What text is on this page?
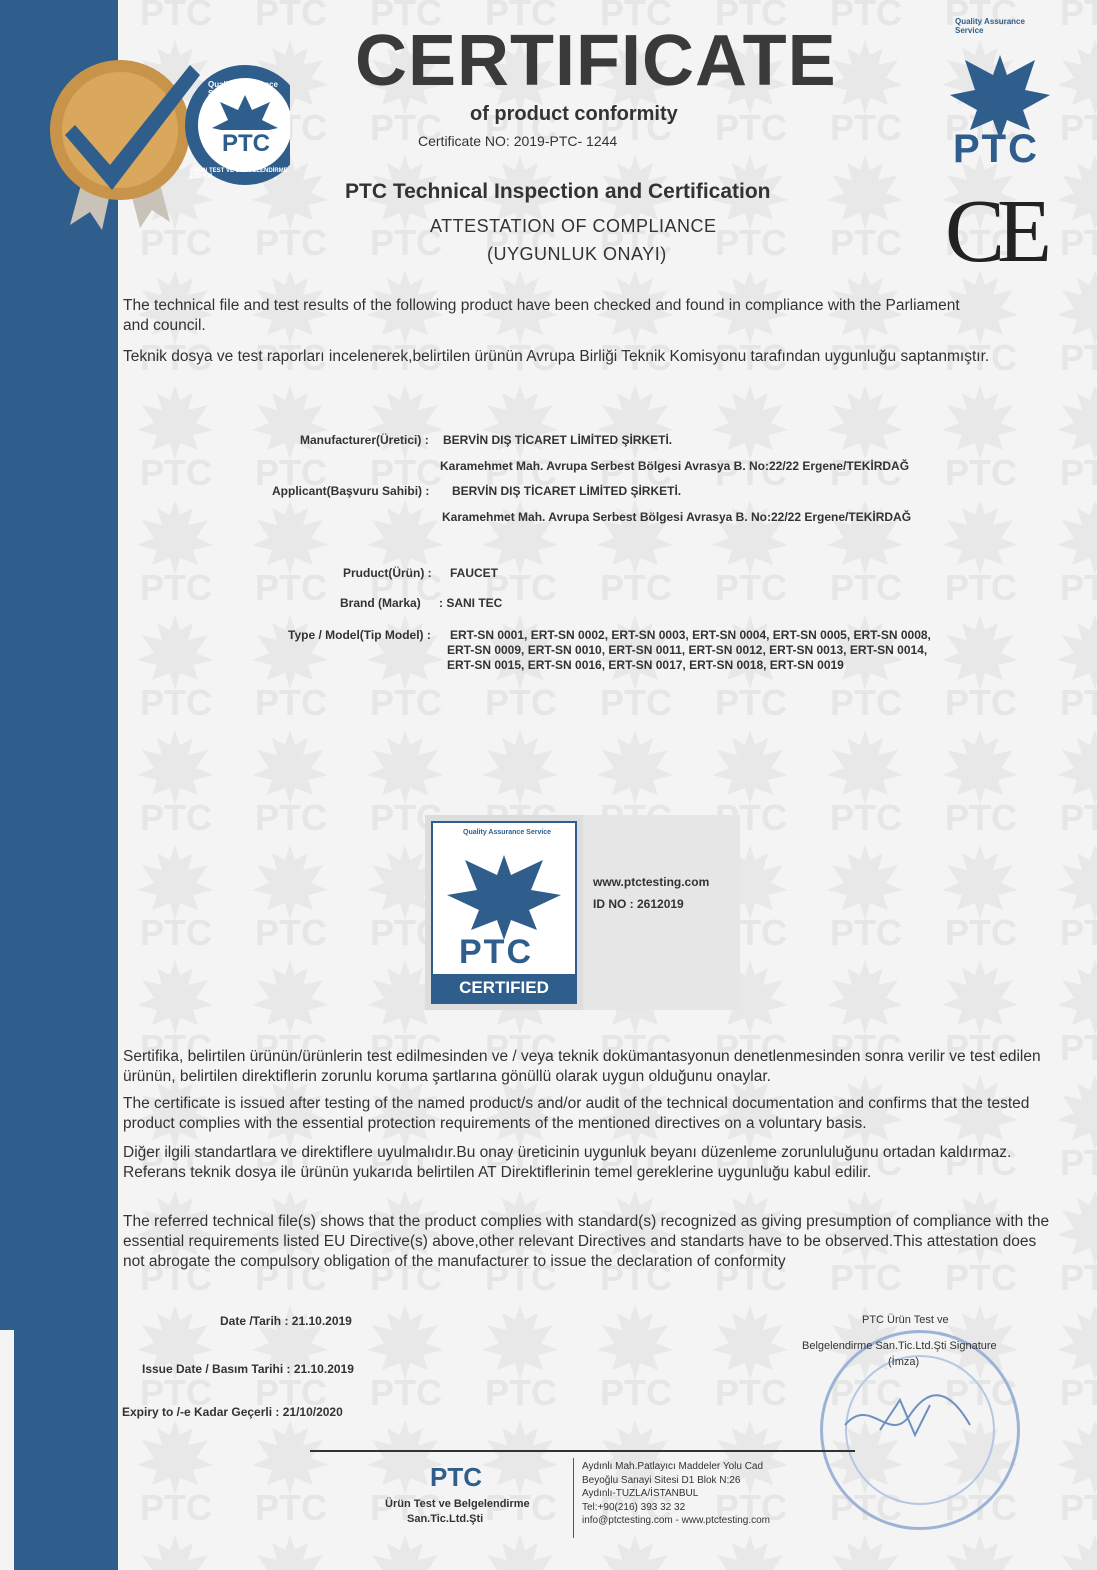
PTC
Quality Assurance Service
ÜRÜN TEST VE BELGELENDİRME LTD.ŞTİ
Quality Assurance Service
PTC
CE
CERTIFICATE
of product conformity
Certificate NO: 2019-PTC- 1244
PTC Technical Inspection and Certification
ATTESTATION OF COMPLIANCE
(UYGUNLUK ONAYI)
The technical file and test results of the following product have been checked and found in compliance with the Parliament and council.
Teknik dosya ve test raporları incelenerek,belirtilen ürünün Avrupa Birliği Teknik Komisyonu tarafından uygunluğu saptanmıştır.
Manufacturer(Üretici) : BERVİN DIŞ TİCARET LİMİTED ŞİRKETİ.
Karamehmet Mah. Avrupa Serbest Bölgesi Avrasya B. No:22/22 Ergene/TEKİRDAĞ
Applicant(Başvuru Sahibi) : BERVİN DIŞ TİCARET LİMİTED ŞİRKETİ.
Karamehmet Mah. Avrupa Serbest Bölgesi Avrasya B. No:22/22 Ergene/TEKİRDAĞ
Pruduct(Ürün) : FAUCET
Brand (Marka) : SANI TEC
Type / Model(Tip Model) : ERT-SN 0001, ERT-SN 0002, ERT-SN 0003, ERT-SN 0004, ERT-SN 0005, ERT-SN 0008,
ERT-SN 0009, ERT-SN 0010, ERT-SN 0011, ERT-SN 0012, ERT-SN 0013, ERT-SN 0014,
ERT-SN 0015, ERT-SN 0016, ERT-SN 0017, ERT-SN 0018, ERT-SN 0019
www.ptctesting.com
ID NO : 2612019
Quality Assurance Service
PTC
CERTIFIED
Sertifika, belirtilen ürünün/ürünlerin test edilmesinden ve / veya teknik dokümantasyonun denetlenmesinden sonra verilir ve test edilen ürünün, belirtilen direktiflerin zorunlu koruma şartlarına gönüllü olarak uygun olduğunu onaylar.
The certificate is issued after testing of the named product/s and/or audit of the technical documentation and confirms that the tested product complies with the essential protection requirements of the mentioned directives on a voluntary basis.
Diğer ilgili standartlara ve direktiflere uyulmalıdır.Bu onay üreticinin uygunluk beyanı düzenleme zorunluluğunu ortadan kaldırmaz. Referans teknik dosya ile ürünün yukarıda belirtilen AT Direktiflerinin temel gereklerine uygunluğu kabul edilir.
The referred technical file(s) shows that the product complies with standard(s) recognized as giving presumption of compliance with the essential requirements listed EU Directive(s) above,other relevant Directives and standarts have to be observed.This attestation does not abrogate the compulsory obligation of the manufacturer to issue the declaration of conformity
Date /Tarih : 21.10.2019
Issue Date / Basım Tarihi : 21.10.2019
Expiry to /-e Kadar Geçerli : 21/10/2020
PTC Ürün Test ve
Belgelendirme San.Tic.Ltd.Şti Signature
(İmza)
PTC
Ürün Test ve Belgelendirme
San.Tic.Ltd.Şti
Aydınlı Mah.Patlayıcı Maddeler Yolu Cad
Beyoğlu Sanayi Sitesi D1 Blok N:26
Aydınlı-TUZLA/İSTANBUL
Tel:+90(216) 393 32 32
info@ptctesting.com - www.ptctesting.com
